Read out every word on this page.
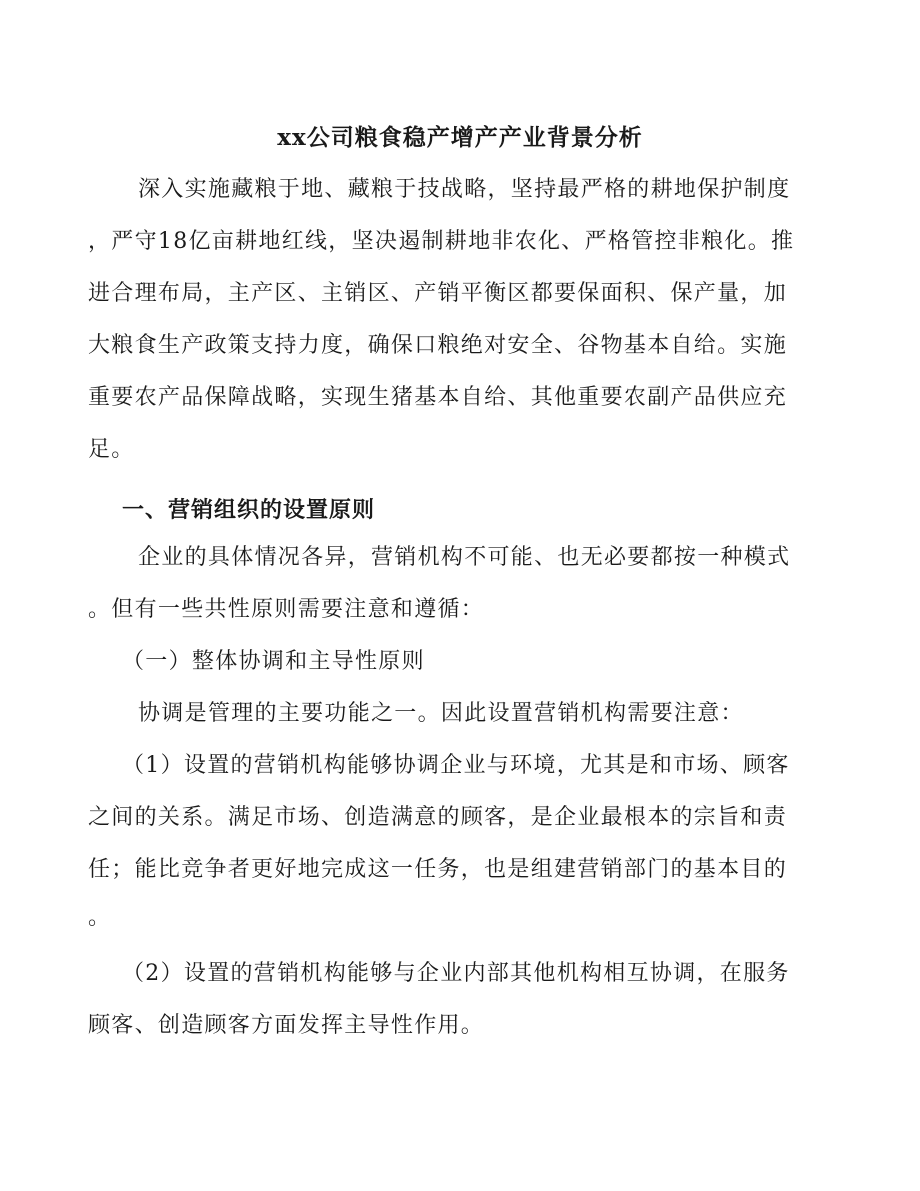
xx公司粮食稳产增产产业背景分析

深入实施藏粮于地、藏粮于技战略，坚持最严格的耕地保护制度

，严守18亿亩耕地红线，坚决遏制耕地非农化、严格管控非粮化。推

进合理布局，主产区、主销区、产销平衡区都要保面积、保产量，加

大粮食生产政策支持力度，确保口粮绝对安全、谷物基本自给。实施

重要农产品保障战略，实现生猪基本自给、其他重要农副产品供应充

足。

一、营销组织的设置原则

企业的具体情况各异，营销机构不可能、也无必要都按一种模式

。但有一些共性原则需要注意和遵循：

（一）整体协调和主导性原则

协调是管理的主要功能之一。因此设置营销机构需要注意：

（1）设置的营销机构能够协调企业与环境，尤其是和市场、顾客

之间的关系。满足市场、创造满意的顾客，是企业最根本的宗旨和责

任；能比竞争者更好地完成这一任务，也是组建营销部门的基本目的

。

（2）设置的营销机构能够与企业内部其他机构相互协调，在服务

顾客、创造顾客方面发挥主导性作用。
